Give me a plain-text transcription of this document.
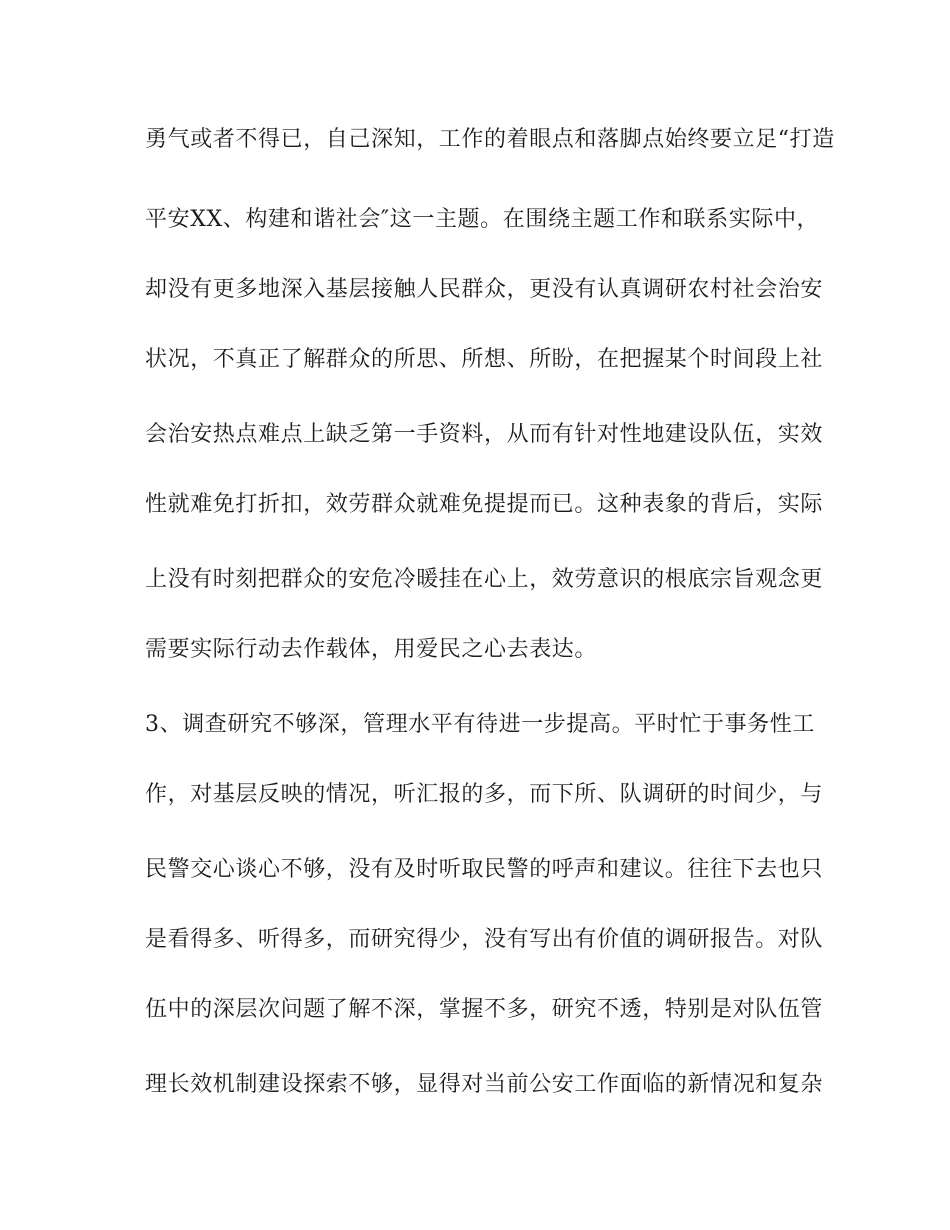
勇气或者不得已，自己深知，工作的着眼点和落脚点始终要立足“打造
平安XX、构建和谐社会″这一主题。在围绕主题工作和联系实际中，
却没有更多地深入基层接触人民群众，更没有认真调研农村社会治安
状况，不真正了解群众的所思、所想、所盼，在把握某个时间段上社
会治安热点难点上缺乏第一手资料，从而有针对性地建设队伍，实效
性就难免打折扣，效劳群众就难免提提而已。这种表象的背后，实际
上没有时刻把群众的安危冷暖挂在心上，效劳意识的根底宗旨观念更
需要实际行动去作载体，用爱民之心去表达。
3、调查研究不够深，管理水平有待进一步提高。平时忙于事务性工
作，对基层反映的情况，听汇报的多，而下所、队调研的时间少，与
民警交心谈心不够，没有及时听取民警的呼声和建议。往往下去也只
是看得多、听得多，而研究得少，没有写出有价值的调研报告。对队
伍中的深层次问题了解不深，掌握不多，研究不透，特别是对队伍管
理长效机制建设探索不够，显得对当前公安工作面临的新情况和复杂
